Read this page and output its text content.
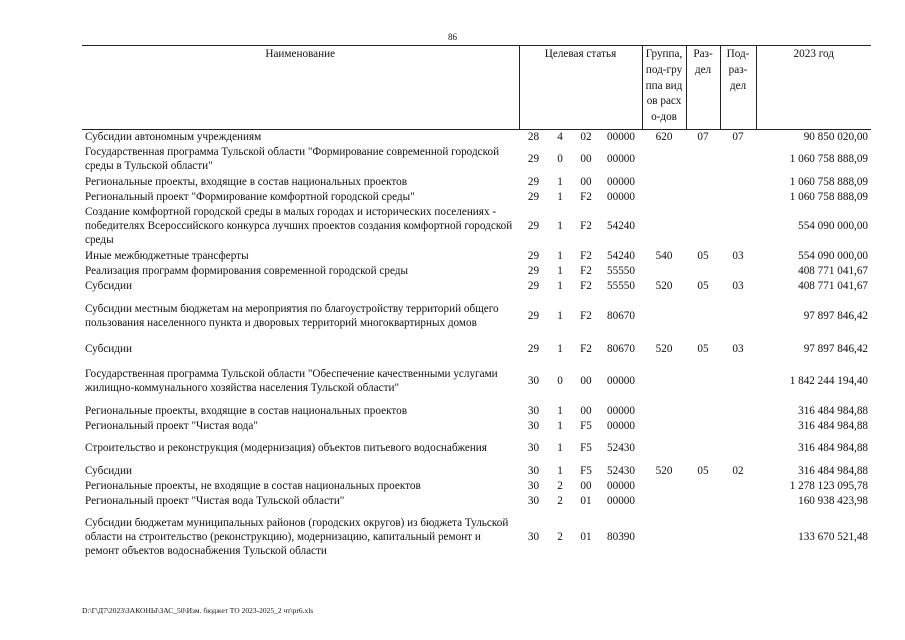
86
Наименование	Целевая статья				Группа, под-группа видов расхо-дов	Раз-дел	Под-раз-дел	2023 год
Субсидии автономным учреждениям	28	4	02	00000	620	07	07	90 850 020,00
Государственная программа Тульской области "Формирование современной городской среды в Тульской области"	29	0	00	00000				1 060 758 888,09
Региональные проекты, входящие в состав национальных проектов	29	1	00	00000				1 060 758 888,09
Региональный проект "Формирование комфортной городской среды"	29	1	F2	00000				1 060 758 888,09
Создание комфортной городской среды в малых городах и исторических поселениях - победителях Всероссийского конкурса лучших проектов создания комфортной городской среды	29	1	F2	54240				554 090 000,00
Иные межбюджетные трансферты	29	1	F2	54240	540	05	03	554 090 000,00
Реализация программ формирования современной городской среды	29	1	F2	55550				408 771 041,67
Субсидии	29	1	F2	55550	520	05	03	408 771 041,67
Субсидии местным бюджетам на мероприятия по благоустройству территорий общего пользования населенного пункта и дворовых территорий многоквартирных домов	29	1	F2	80670				97 897 846,42
Субсидии	29	1	F2	80670	520	05	03	97 897 846,42
Государственная программа Тульской области "Обеспечение качественными услугами жилищно-коммунального хозяйства населения Тульской области"	30	0	00	00000				1 842 244 194,40
Региональные проекты, входящие в состав национальных проектов	30	1	00	00000				316 484 984,88
Региональный проект "Чистая вода"	30	1	F5	00000				316 484 984,88
Строительство и реконструкция (модернизация) объектов питьевого водоснабжения	30	1	F5	52430				316 484 984,88
Субсидии	30	1	F5	52430	520	05	02	316 484 984,88
Региональные проекты, не входящие в состав национальных проектов	30	2	00	00000				1 278 123 095,78
Региональный проект "Чистая вода Тульской области"	30	2	01	00000				160 938 423,98
Субсидии бюджетам муниципальных районов (городских округов) из бюджета Тульской области на строительство (реконструкцию), модернизацию, капитальный ремонт и ремонт объектов водоснабжения Тульской области	30	2	01	80390				133 670 521,48
D:\Г\Д7\2023\ЗАКОНЫ\ЗАС_50\Изм. бюджет ТО 2023-2025_2 чт\pr6.xls
